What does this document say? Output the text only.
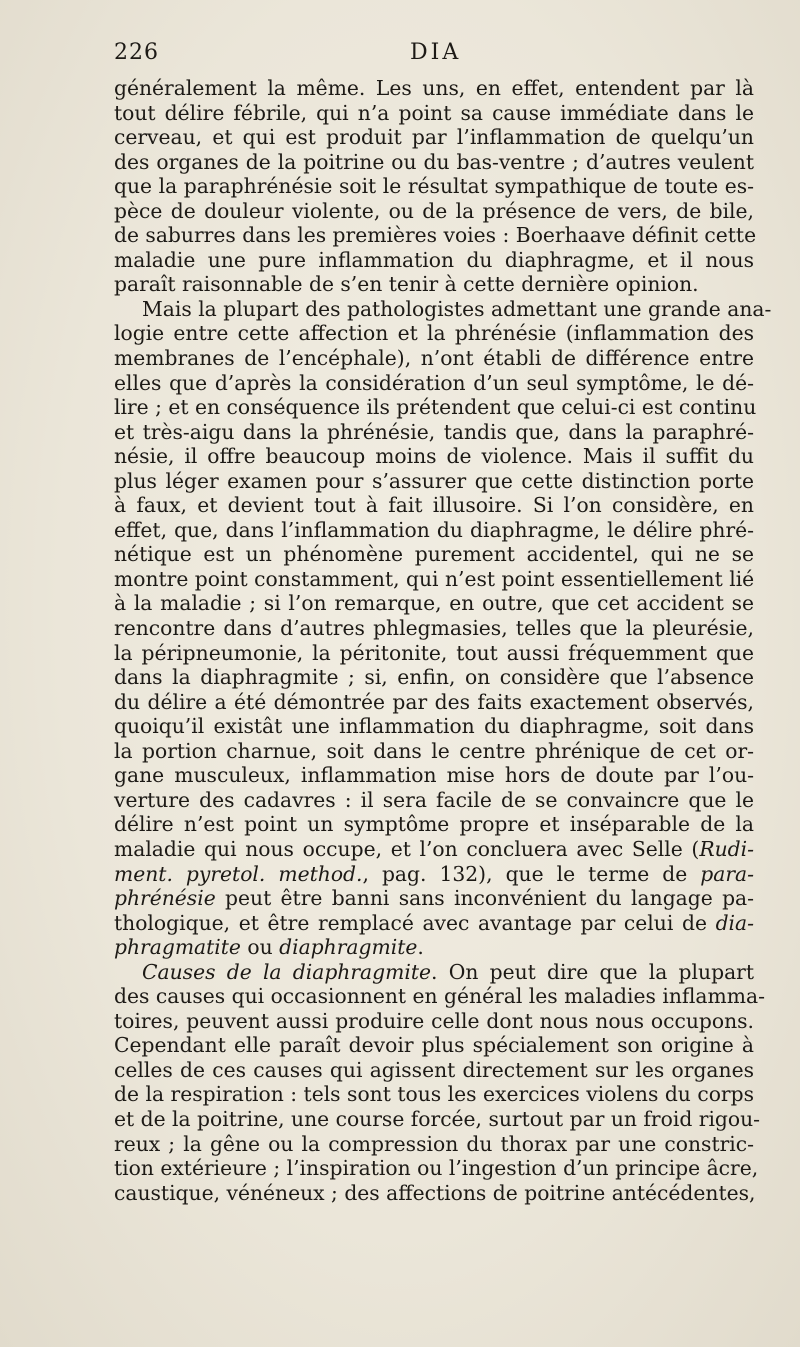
226	DIA
généralement la même. Les uns, en effet, entendent par là
tout délire fébrile, qui n’a point sa cause immédiate dans le
cerveau, et qui est produit par l’inflammation de quelqu’un
des organes de la poitrine ou du bas-ventre ; d’autres veulent
que la paraphrénésie soit le résultat sympathique de toute es-
pèce de douleur violente, ou de la présence de vers, de bile,
de saburres dans les premières voies : Boerhaave définit cette
maladie une pure inflammation du diaphragme, et il nous
paraît raisonnable de s’en tenir à cette dernière opinion.
Mais la plupart des pathologistes admettant une grande ana-
logie entre cette affection et la phrénésie (inflammation des
membranes de l’encéphale), n’ont établi de différence entre
elles que d’après la considération d’un seul symptôme, le dé-
lire ; et en conséquence ils prétendent que celui-ci est continu
et très-aigu dans la phrénésie, tandis que, dans la paraphré-
nésie, il offre beaucoup moins de violence. Mais il suffit du
plus léger examen pour s’assurer que cette distinction porte
à faux, et devient tout à fait illusoire. Si l’on considère, en
effet, que, dans l’inflammation du diaphragme, le délire phré-
nétique est un phénomène purement accidentel, qui ne se
montre point constamment, qui n’est point essentiellement lié
à la maladie ; si l’on remarque, en outre, que cet accident se
rencontre dans d’autres phlegmasies, telles que la pleurésie,
la péripneumonie, la péritonite, tout aussi fréquemment que
dans la diaphragmite ; si, enfin, on considère que l’absence
du délire a été démontrée par des faits exactement observés,
quoiqu’il existât une inflammation du diaphragme, soit dans
la portion charnue, soit dans le centre phrénique de cet or-
gane musculeux, inflammation mise hors de doute par l’ou-
verture des cadavres : il sera facile de se convaincre que le
délire n’est point un symptôme propre et inséparable de la
maladie qui nous occupe, et l’on concluera avec Selle (Rudi-
ment. pyretol. method., pag. 132), que le terme de para-
phrénésie peut être banni sans inconvénient du langage pa-
thologique, et être remplacé avec avantage par celui de dia-
phragmatite ou diaphragmite.
Causes de la diaphragmite. On peut dire que la plupart
des causes qui occasionnent en général les maladies inflamma-
toires, peuvent aussi produire celle dont nous nous occupons.
Cependant elle paraît devoir plus spécialement son origine à
celles de ces causes qui agissent directement sur les organes
de la respiration : tels sont tous les exercices violens du corps
et de la poitrine, une course forcée, surtout par un froid rigou-
reux ; la gêne ou la compression du thorax par une constric-
tion extérieure ; l’inspiration ou l’ingestion d’un principe âcre,
caustique, vénéneux ; des affections de poitrine antécédentes,
